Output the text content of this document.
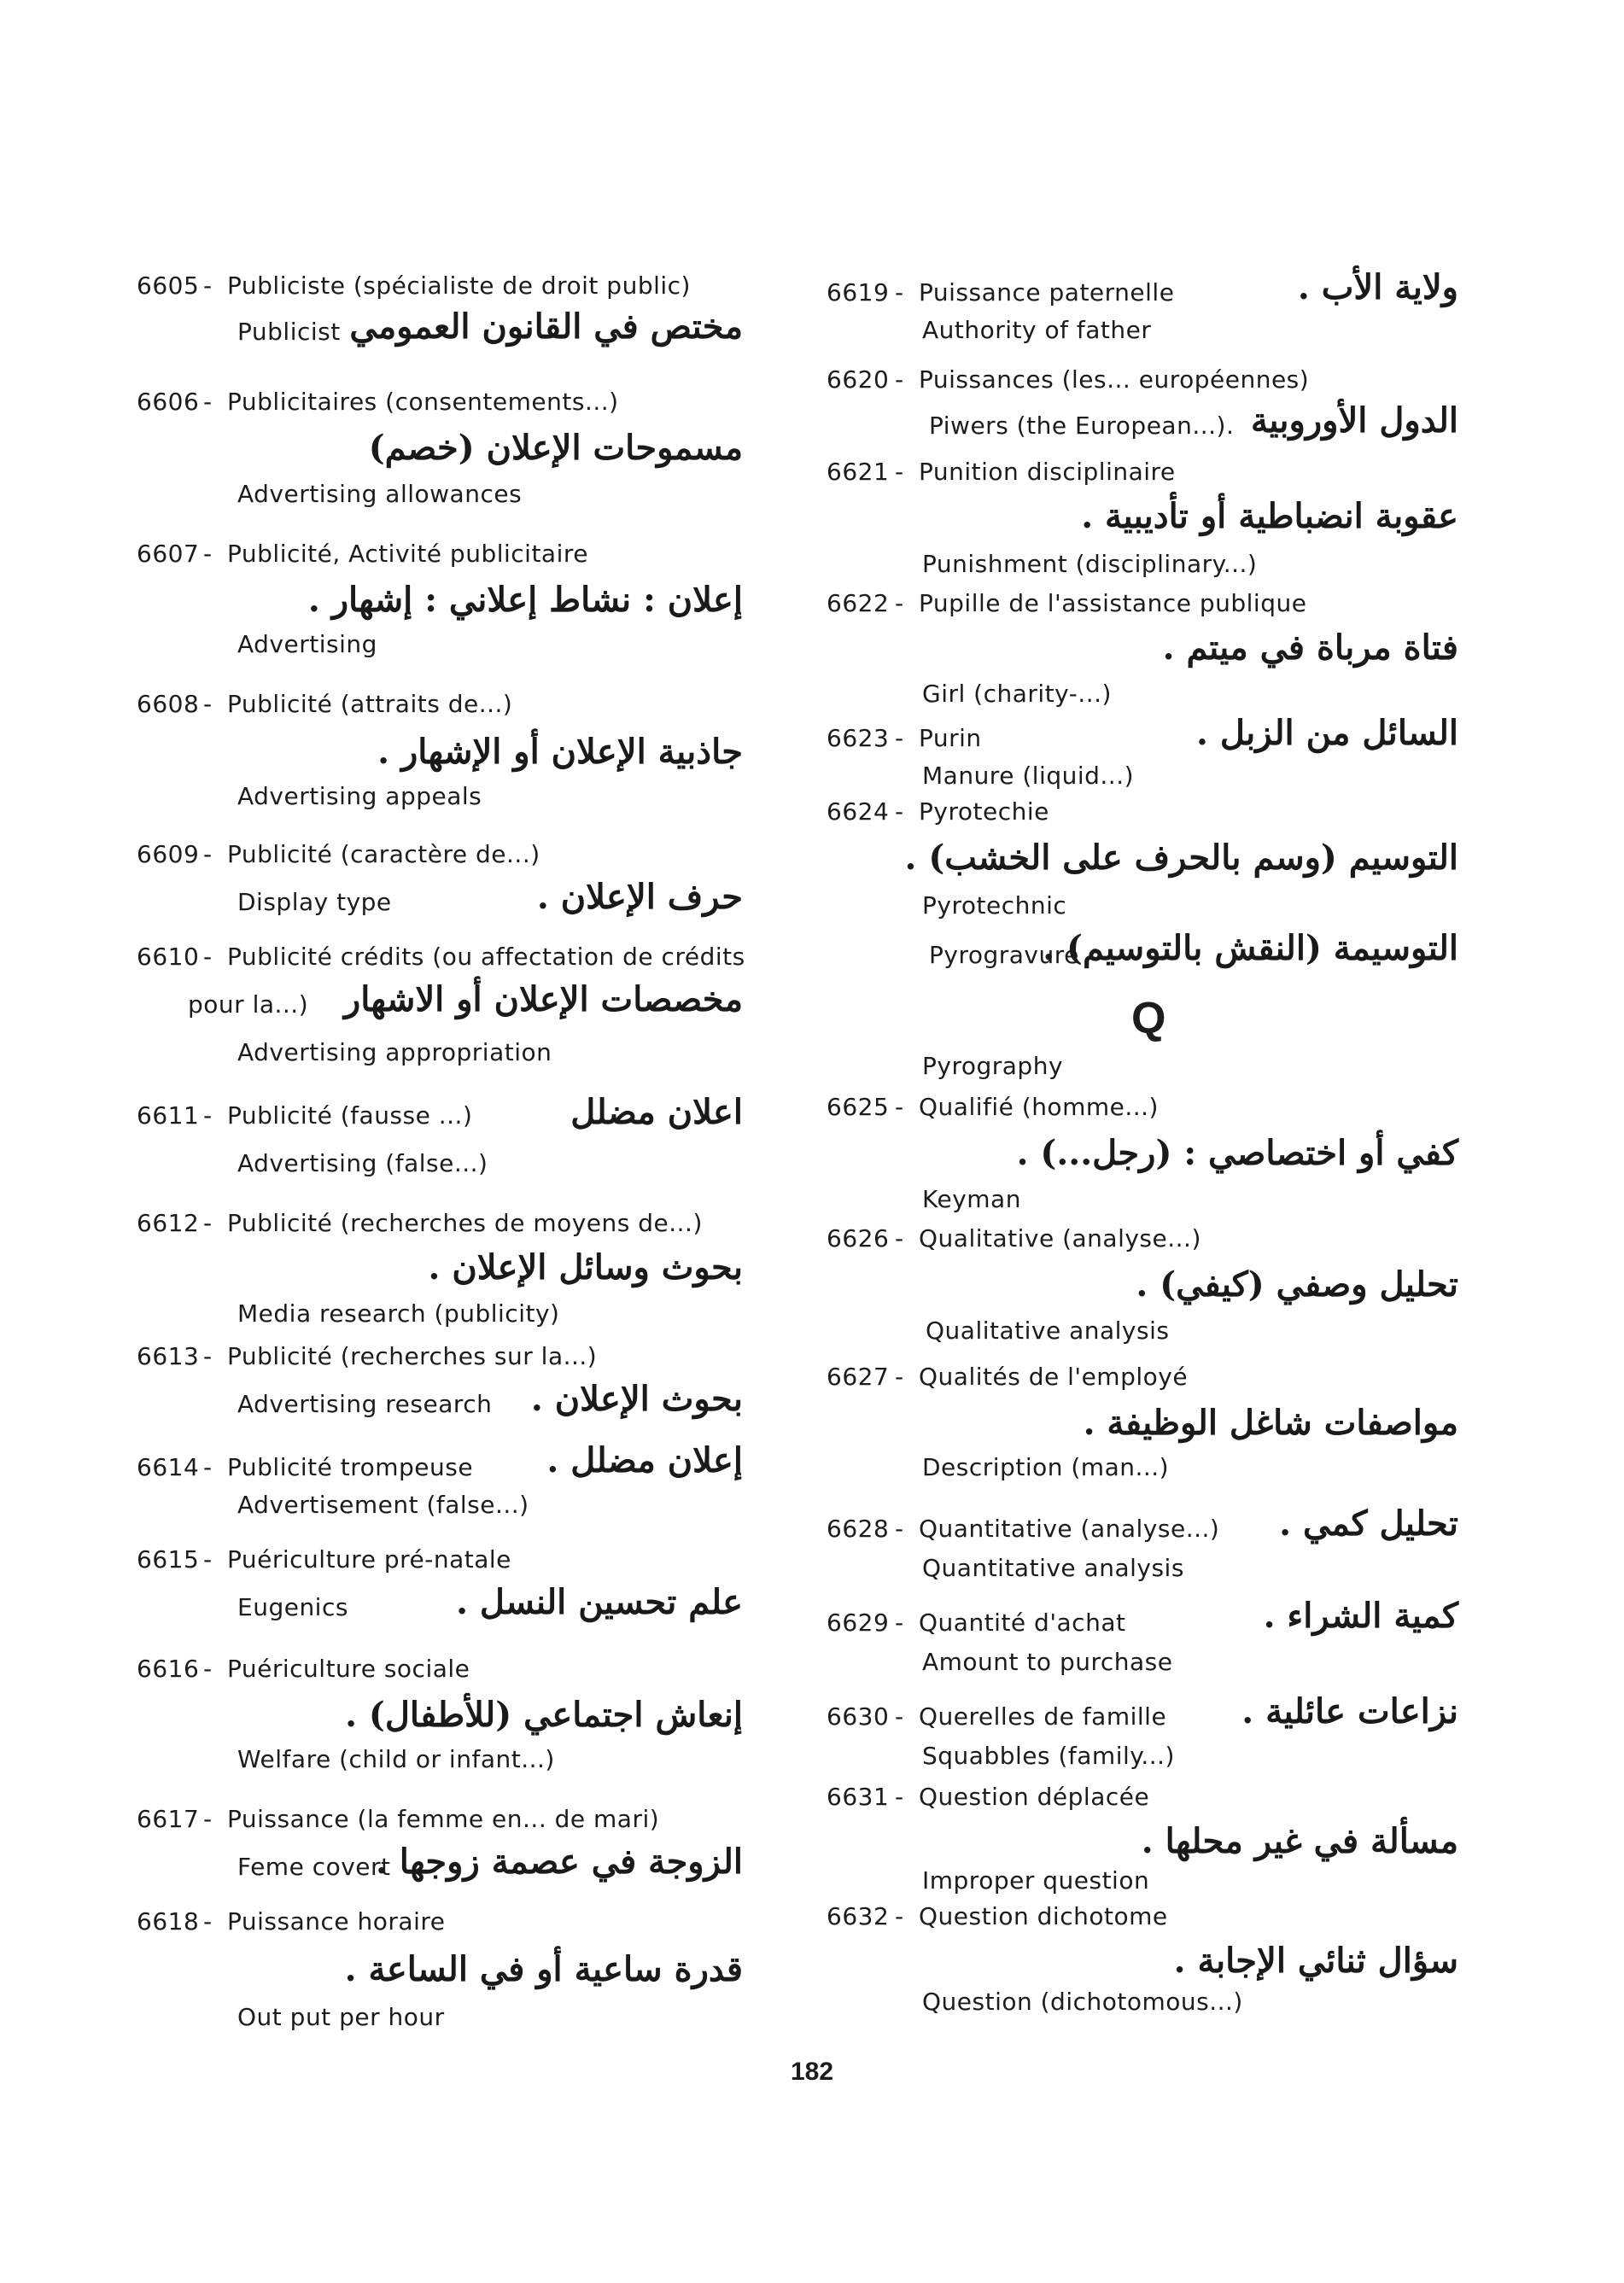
6605 - Publiciste (spécialiste de droit public)
Publicist مختص في القانون العمومي
6606 - Publicitaires (consentements...)
مسموحات الإعلان (خصم)
Advertising allowances
6607 - Publicité, Activité publicitaire
إعلان : نشاط إعلاني : إشهار .
Advertising
6608 - Publicité (attraits de...)
جاذبية الإعلان أو الإشهار .
Advertising appeals
6609 - Publicité (caractère de...)
Display type	حرف الإعلان .
6610 - Publicité crédits (ou affectation de crédits
pour la...) مخصصات الإعلان أو الاشهار
Advertising appropriation
6611 - Publicité (fausse ...)	اعلان مضلل
Advertising (false...)
6612 - Publicité (recherches de moyens de...)
بحوث وسائل الإعلان .
Media research (publicity)
6613 - Publicité (recherches sur la...)
Advertising research بحوث الإعلان .
6614 - Publicité trompeuse إعلان مضلل .
Advertisement (false...)
6615 - Puériculture pré-natale
Eugenics	علم تحسين النسل .
6616 - Puériculture sociale
إنعاش اجتماعي (للأطفال) .
Welfare (child or infant...)
6617 - Puissance (la femme en... de mari)
Feme covert
الزوجة في عصمة زوجها .
6618 - Puissance horaire
قدرة ساعية أو في الساعة .
Out put per hour
6619 - Puissance paternelle	ولاية الأب .
Authority of father
6620 - Puissances (les... européennes)
Piwers (the European...). الدول الأوروبية
6621 - Punition disciplinaire
عقوبة انضباطية أو تأديبية .
Punishment (disciplinary...)
6622 - Pupille de l'assistance publique
فتاة مرباة في ميتم .
Girl (charity-...)
6623 - Purin	السائل من الزبل .
Manure (liquid...)
6624 - Pyrotechie
التوسيم (وسم بالحرف على الخشب) .
Pyrotechnic
Pyrogravure
التوسيمة (النقش بالتوسيم) .
Pyrography
6625 - Qualifié (homme...)
كفي أو اختصاصي : (رجل...) .
Keyman
6626 - Qualitative (analyse...)
تحليل وصفي (كيفي) .
Qualitative analysis
6627 - Qualités de l'employé
مواصفات شاغل الوظيفة .
Description (man...)
6628 - Quantitative (analyse...) تحليل كمي .
Quantitative analysis
6629 - Quantité d'achat	كمية الشراء .
Amount to purchase
6630 - Querelles de famille نزاعات عائلية .
Squabbles (family...)
6631 - Question déplacée
مسألة في غير محلها .
Improper question
6632 - Question dichotome
سؤال ثنائي الإجابة .
Question (dichotomous...)
Q
182
